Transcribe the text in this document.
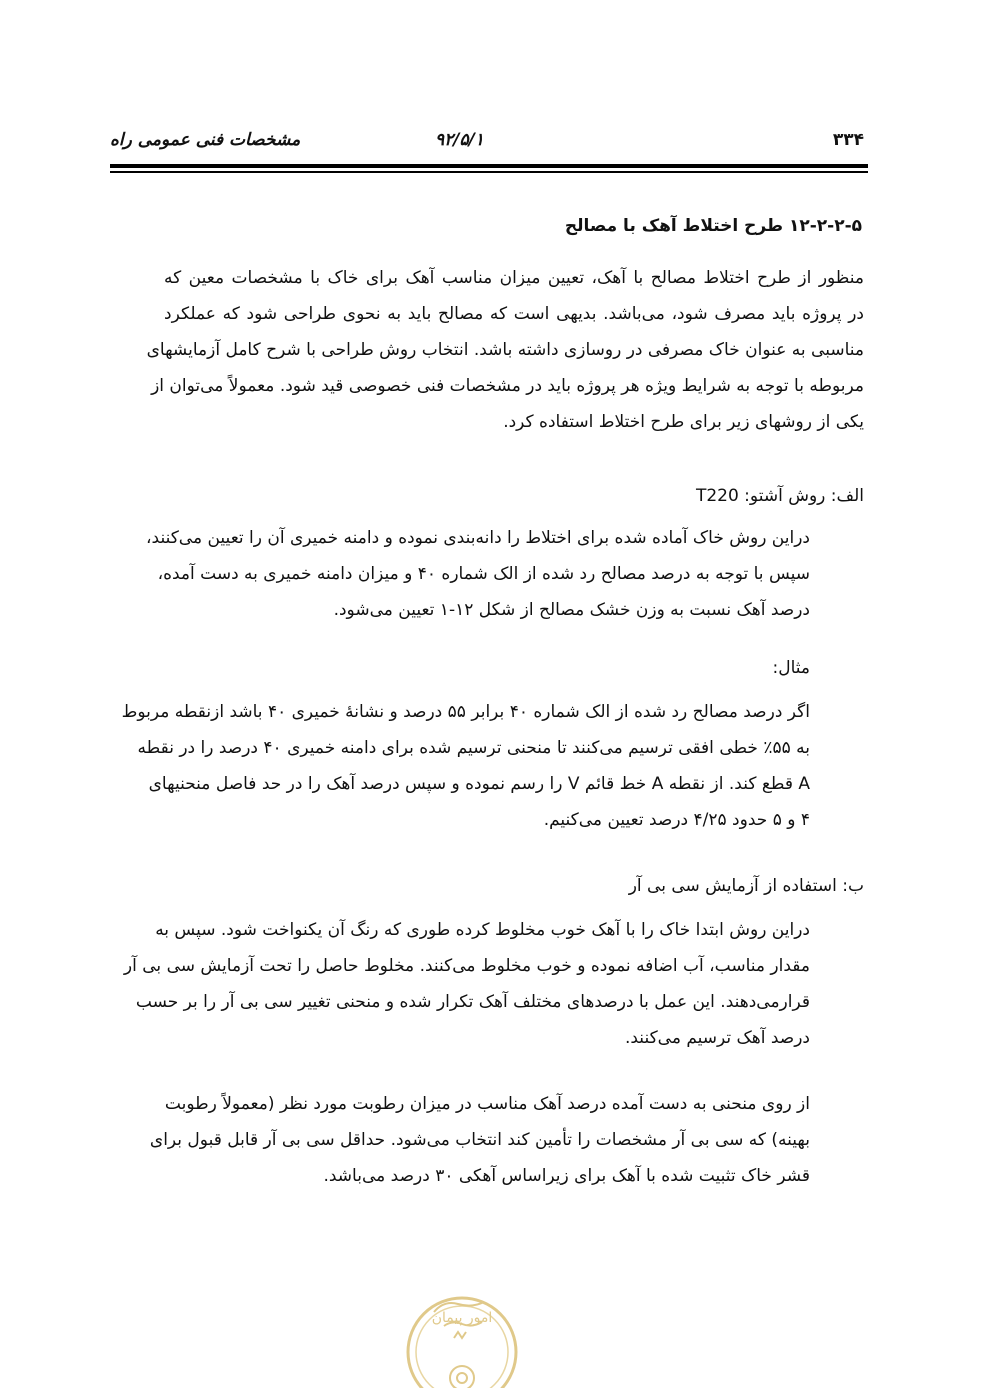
۳۳۴
۹۲/۵/۱
مشخصات فنی عمومی راه
۱۲-۲-۲-۵ طرح اختلاط آهک با مصالح
منظور از طرح اختلاط مصالح با آهک، تعیین میزان مناسب آهک برای خاک با مشخصات معین که
در پروژه باید مصرف شود، می‌باشد. بدیهی است که مصالح باید به نحوی طراحی شود که عملکرد
مناسبی به عنوان خاک مصرفی در روسازی داشته باشد. انتخاب روش طراحی با شرح کامل آزمایشهای
مربوطه با توجه به شرایط ویژه هر پروژه باید در مشخصات فنی خصوصی قید شود. معمولاً می‌توان از
یکی از روشهای زیر برای طرح اختلاط استفاده کرد.
الف: روش آشتو: T220
دراین روش خاک آماده شده برای اختلاط را دانه‌بندی نموده و دامنه خمیری آن را تعیین می‌کنند،
سپس با توجه به درصد مصالح رد شده از الک شماره ۴۰ و میزان دامنه خمیری به دست آمده،
درصد آهک نسبت به وزن خشک مصالح از شکل ۱۲-۱ تعیین می‌شود.
مثال:
اگر درصد مصالح رد شده از الک شماره ۴۰ برابر ۵۵ درصد و نشانهٔ خمیری ۴۰ باشد ازنقطه مربوط
به ۵۵٪ خطی افقی ترسیم می‌کنند تا منحنی ترسیم شده برای دامنه خمیری ۴۰ درصد را در نقطه
A قطع کند. از نقطه A خط قائم V را رسم نموده و سپس درصد آهک را در حد فاصل منحنیهای
۴ و ۵ حدود ۴/۲۵ درصد تعیین می‌کنیم.
ب: استفاده از آزمایش سی بی آر
دراین روش ابتدا خاک را با آهک خوب مخلوط کرده طوری که رنگ آن یکنواخت شود. سپس به
مقدار مناسب، آب اضافه نموده و خوب مخلوط می‌کنند. مخلوط حاصل را تحت آزمایش سی بی آر
قرارمی‌دهند. این عمل با درصدهای مختلف آهک تکرار شده و منحنی تغییر سی بی آر را بر حسب
درصد آهک ترسیم می‌کنند.
از روی منحنی به دست آمده درصد آهک مناسب در میزان رطوبت مورد نظر (معمولاً رطوبت
بهینه) که سی بی آر مشخصات را تأمین کند انتخاب می‌شود. حداقل سی بی آر قابل قبول برای
قشر خاک تثبیت شده با آهک برای زیراساس آهکی ۳۰ درصد می‌باشد.
امور پیمان
